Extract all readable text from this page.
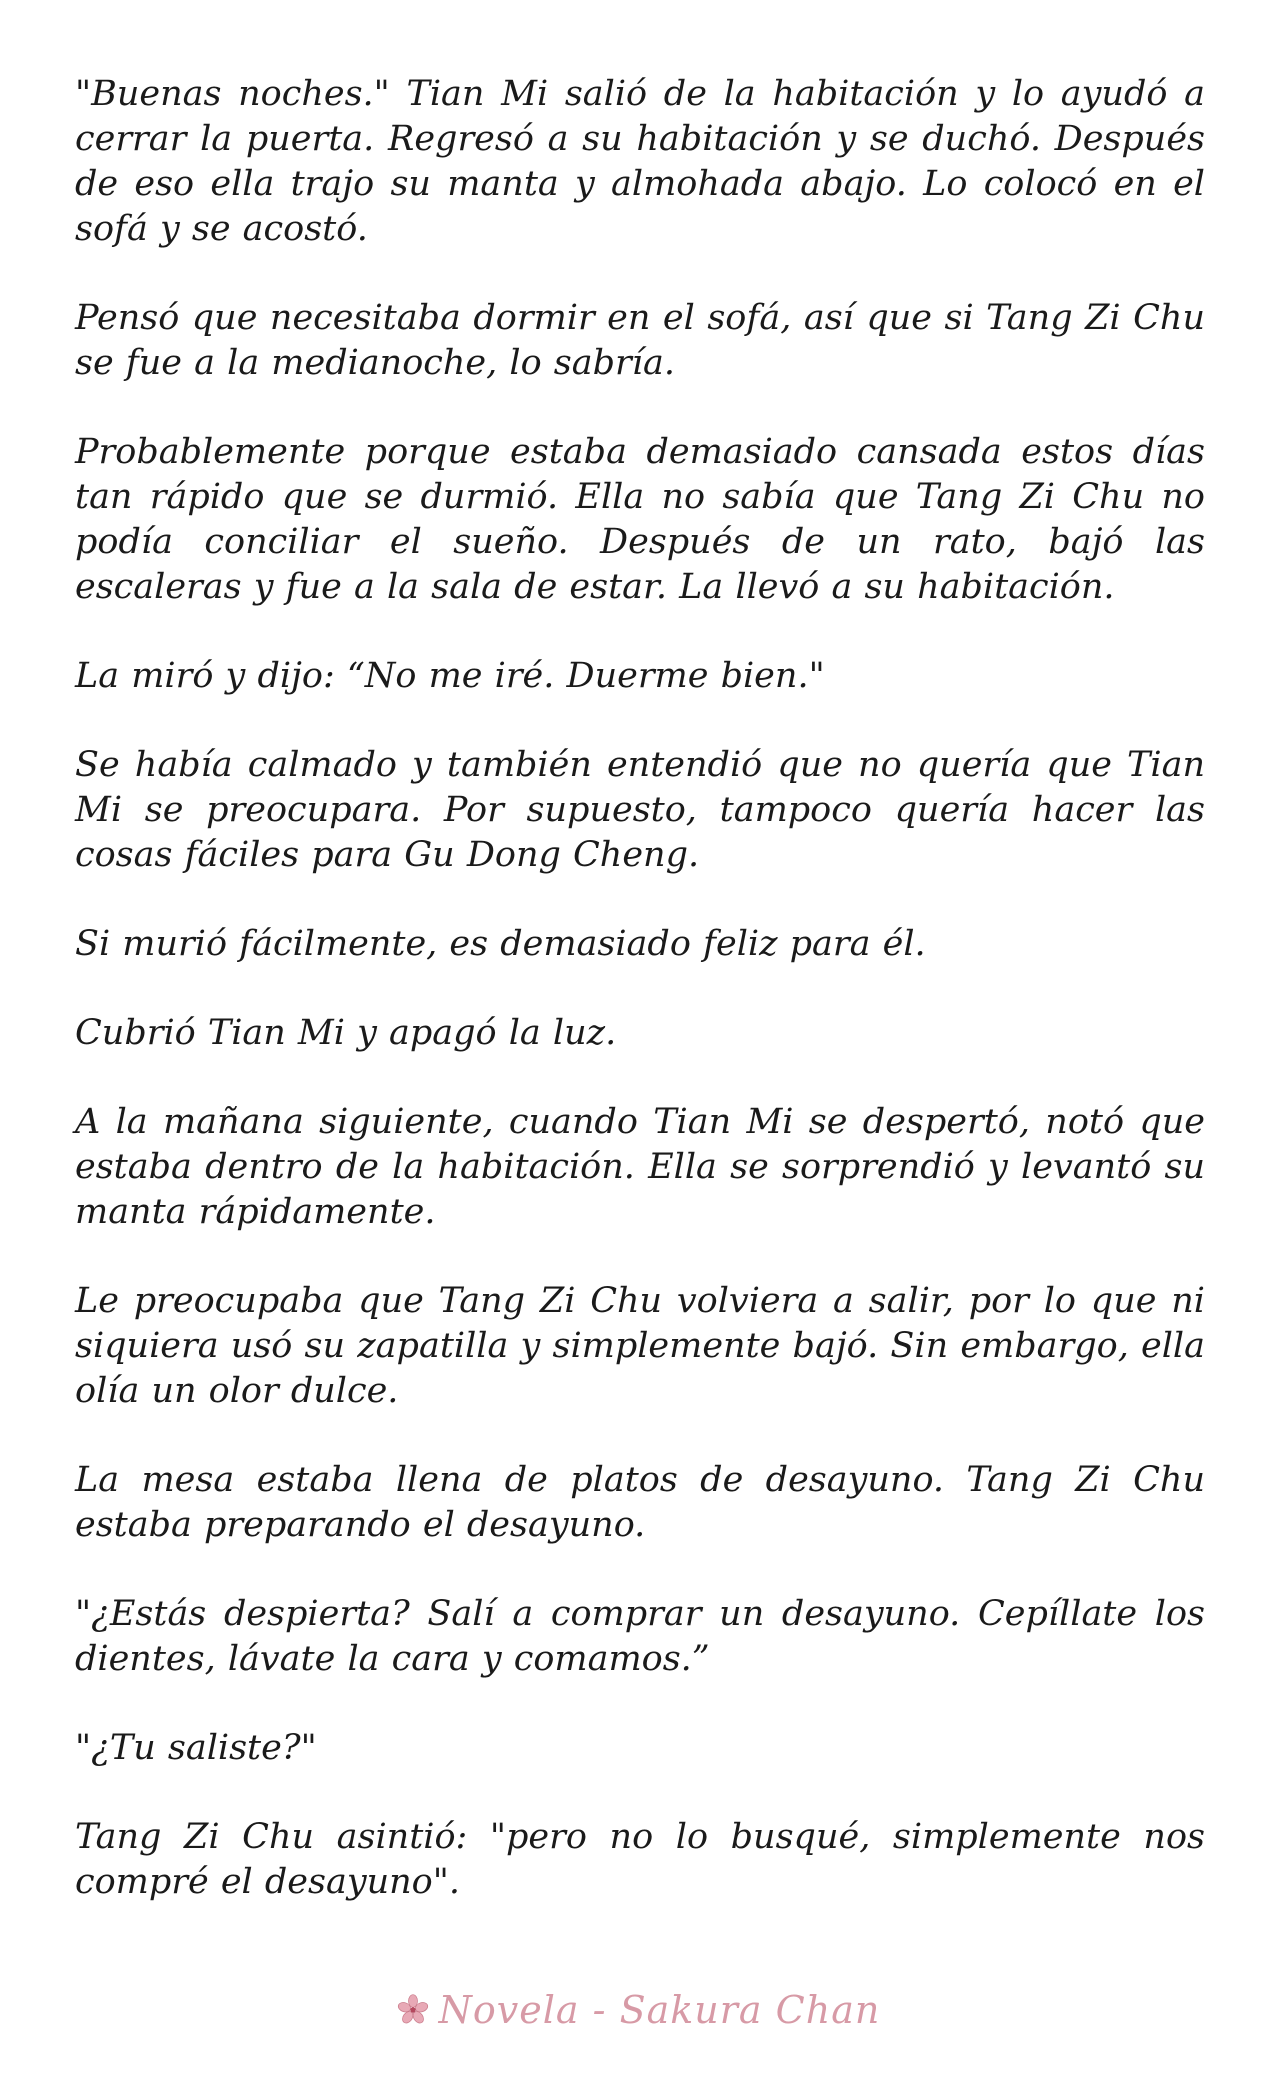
"Buenas noches." Tian Mi salió de la habitación y lo ayudó a cerrar la puerta. Regresó a su habitación y se duchó. Después de eso ella trajo su manta y almohada abajo. Lo colocó en el sofá y se acostó.

Pensó que necesitaba dormir en el sofá, así que si Tang Zi Chu se fue a la medianoche, lo sabría.

Probablemente porque estaba demasiado cansada estos días tan rápido que se durmió. Ella no sabía que Tang Zi Chu no podía conciliar el sueño. Después de un rato, bajó las escaleras y fue a la sala de estar. La llevó a su habitación.

La miró y dijo: “No me iré. Duerme bien."

Se había calmado y también entendió que no quería que Tian Mi se preocupara. Por supuesto, tampoco quería hacer las cosas fáciles para Gu Dong Cheng.

Si murió fácilmente, es demasiado feliz para él.

Cubrió Tian Mi y apagó la luz.

A la mañana siguiente, cuando Tian Mi se despertó, notó que estaba dentro de la habitación. Ella se sorprendió y levantó su manta rápidamente.

Le preocupaba que Tang Zi Chu volviera a salir, por lo que ni siquiera usó su zapatilla y simplemente bajó. Sin embargo, ella olía un olor dulce.

La mesa estaba llena de platos de desayuno. Tang Zi Chu estaba preparando el desayuno.

"¿Estás despierta? Salí a comprar un desayuno. Cepíllate los dientes, lávate la cara y comamos.”

"¿Tu saliste?"

Tang Zi Chu asintió: "pero no lo busqué, simplemente nos compré el desayuno".

Novela - Sakura Chan
